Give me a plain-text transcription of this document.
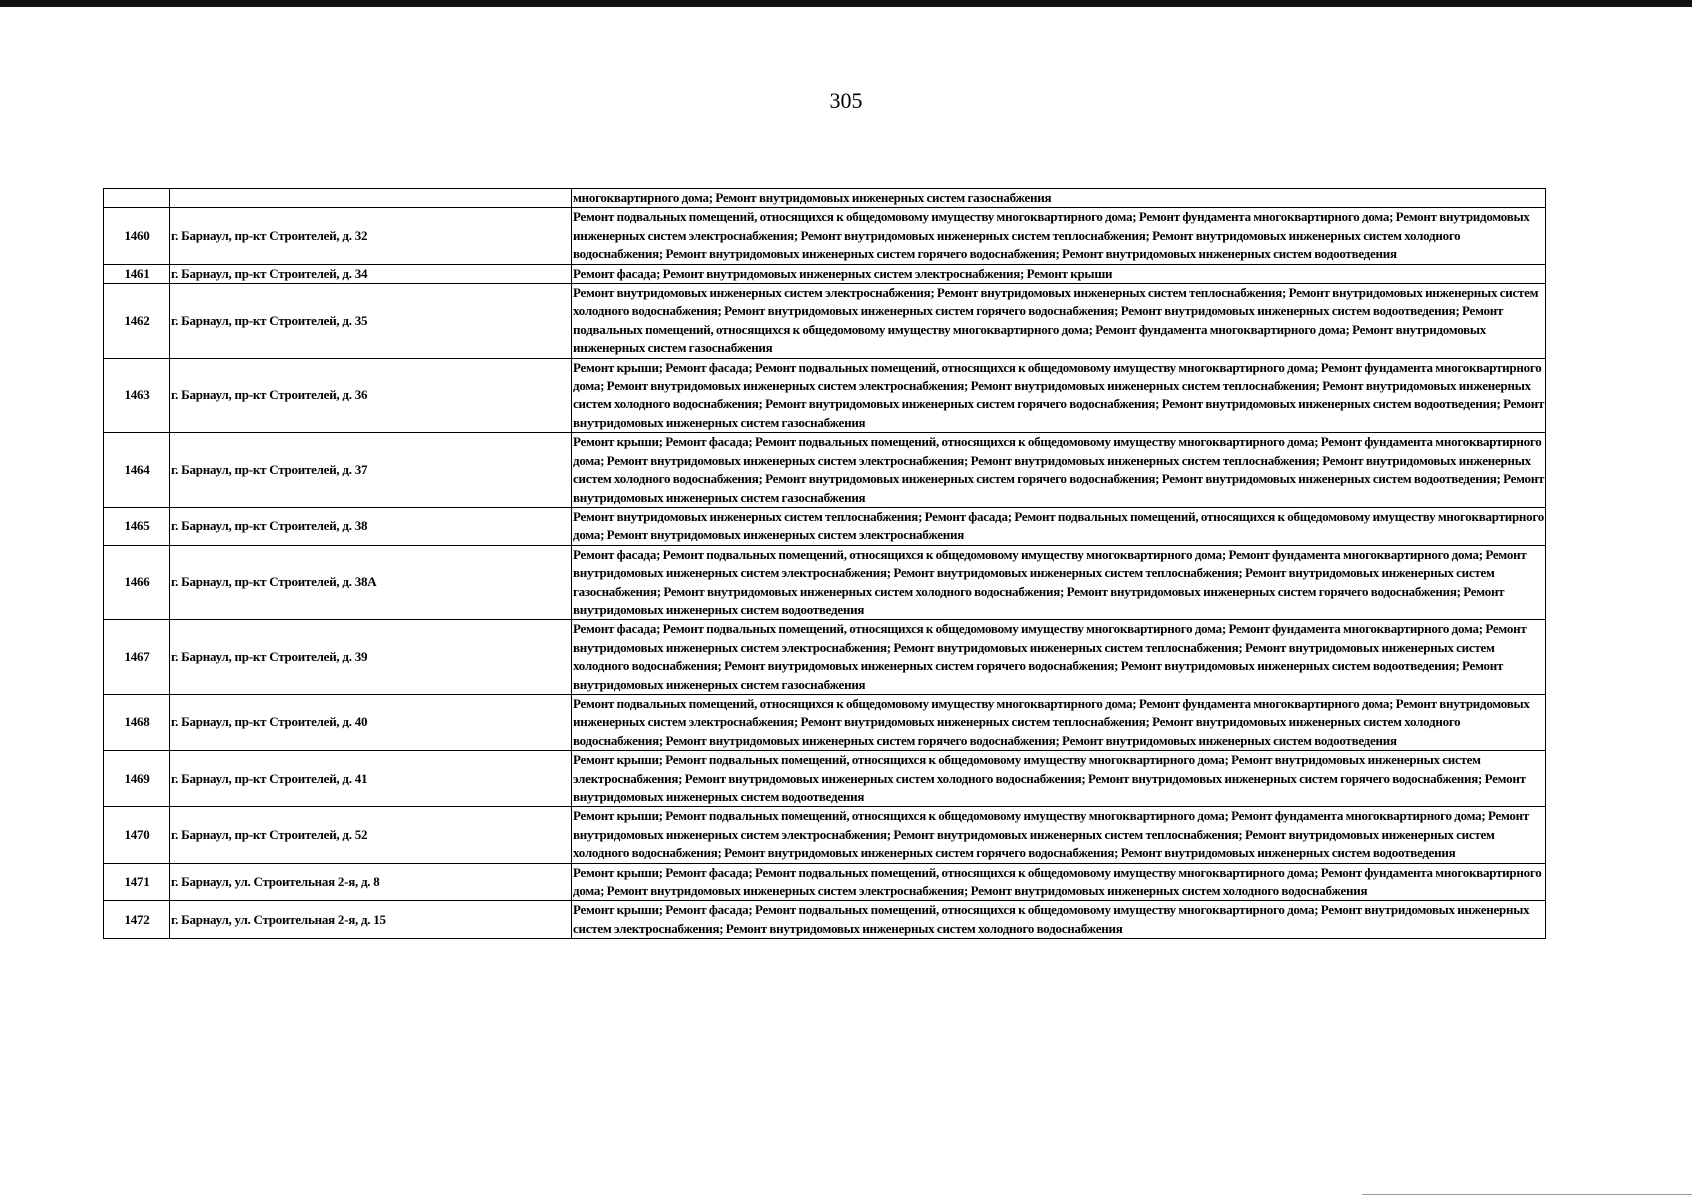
305
		многоквартирного дома; Ремонт внутридомовых инженерных систем газоснабжения
1460	г. Барнаул, пр-кт Строителей, д. 32	Ремонт подвальных помещений, относящихся к общедомовому имуществу многоквартирного дома; Ремонт фундамента многоквартирного дома; Ремонт внутридомовых инженерных систем электроснабжения; Ремонт внутридомовых инженерных систем теплоснабжения; Ремонт внутридомовых инженерных систем холодного водоснабжения; Ремонт внутридомовых инженерных систем горячего водоснабжения; Ремонт внутридомовых инженерных систем водоотведения
1461	г. Барнаул, пр-кт Строителей, д. 34	Ремонт фасада; Ремонт внутридомовых инженерных систем электроснабжения; Ремонт крыши
1462	г. Барнаул, пр-кт Строителей, д. 35	Ремонт внутридомовых инженерных систем электроснабжения; Ремонт внутридомовых инженерных систем теплоснабжения; Ремонт внутридомовых инженерных систем холодного водоснабжения; Ремонт внутридомовых инженерных систем горячего водоснабжения; Ремонт внутридомовых инженерных систем водоотведения; Ремонт подвальных помещений, относящихся к общедомовому имуществу многоквартирного дома; Ремонт фундамента многоквартирного дома; Ремонт внутридомовых инженерных систем газоснабжения
1463	г. Барнаул, пр-кт Строителей, д. 36	Ремонт крыши; Ремонт фасада; Ремонт подвальных помещений, относящихся к общедомовому имуществу многоквартирного дома; Ремонт фундамента многоквартирного дома; Ремонт внутридомовых инженерных систем электроснабжения; Ремонт внутридомовых инженерных систем теплоснабжения; Ремонт внутридомовых инженерных систем холодного водоснабжения; Ремонт внутридомовых инженерных систем горячего водоснабжения; Ремонт внутридомовых инженерных систем водоотведения; Ремонт внутридомовых инженерных систем газоснабжения
1464	г. Барнаул, пр-кт Строителей, д. 37	Ремонт крыши; Ремонт фасада; Ремонт подвальных помещений, относящихся к общедомовому имуществу многоквартирного дома; Ремонт фундамента многоквартирного дома; Ремонт внутридомовых инженерных систем электроснабжения; Ремонт внутридомовых инженерных систем теплоснабжения; Ремонт внутридомовых инженерных систем холодного водоснабжения; Ремонт внутридомовых инженерных систем горячего водоснабжения; Ремонт внутридомовых инженерных систем водоотведения; Ремонт внутридомовых инженерных систем газоснабжения
1465	г. Барнаул, пр-кт Строителей, д. 38	Ремонт внутридомовых инженерных систем теплоснабжения; Ремонт фасада; Ремонт подвальных помещений, относящихся к общедомовому имуществу многоквартирного дома; Ремонт внутридомовых инженерных систем электроснабжения
1466	г. Барнаул, пр-кт Строителей, д. 38А	Ремонт фасада; Ремонт подвальных помещений, относящихся к общедомовому имуществу многоквартирного дома; Ремонт фундамента многоквартирного дома; Ремонт внутридомовых инженерных систем электроснабжения; Ремонт внутридомовых инженерных систем теплоснабжения; Ремонт внутридомовых инженерных систем газоснабжения; Ремонт внутридомовых инженерных систем холодного водоснабжения; Ремонт внутридомовых инженерных систем горячего водоснабжения; Ремонт внутридомовых инженерных систем водоотведения
1467	г. Барнаул, пр-кт Строителей, д. 39	Ремонт фасада; Ремонт подвальных помещений, относящихся к общедомовому имуществу многоквартирного дома; Ремонт фундамента многоквартирного дома; Ремонт внутридомовых инженерных систем электроснабжения; Ремонт внутридомовых инженерных систем теплоснабжения; Ремонт внутридомовых инженерных систем холодного водоснабжения; Ремонт внутридомовых инженерных систем горячего водоснабжения; Ремонт внутридомовых инженерных систем водоотведения; Ремонт внутридомовых инженерных систем газоснабжения
1468	г. Барнаул, пр-кт Строителей, д. 40	Ремонт подвальных помещений, относящихся к общедомовому имуществу многоквартирного дома; Ремонт фундамента многоквартирного дома; Ремонт внутридомовых инженерных систем электроснабжения; Ремонт внутридомовых инженерных систем теплоснабжения; Ремонт внутридомовых инженерных систем холодного водоснабжения; Ремонт внутридомовых инженерных систем горячего водоснабжения; Ремонт внутридомовых инженерных систем водоотведения
1469	г. Барнаул, пр-кт Строителей, д. 41	Ремонт крыши; Ремонт подвальных помещений, относящихся к общедомовому имуществу многоквартирного дома; Ремонт внутридомовых инженерных систем электроснабжения; Ремонт внутридомовых инженерных систем холодного водоснабжения; Ремонт внутридомовых инженерных систем горячего водоснабжения; Ремонт внутридомовых инженерных систем водоотведения
1470	г. Барнаул, пр-кт Строителей, д. 52	Ремонт крыши; Ремонт подвальных помещений, относящихся к общедомовому имуществу многоквартирного дома; Ремонт фундамента многоквартирного дома; Ремонт внутридомовых инженерных систем электроснабжения; Ремонт внутридомовых инженерных систем теплоснабжения; Ремонт внутридомовых инженерных систем холодного водоснабжения; Ремонт внутридомовых инженерных систем горячего водоснабжения; Ремонт внутридомовых инженерных систем водоотведения
1471	г. Барнаул, ул. Строительная 2-я, д. 8	Ремонт крыши; Ремонт фасада; Ремонт подвальных помещений, относящихся к общедомовому имуществу многоквартирного дома; Ремонт фундамента многоквартирного дома; Ремонт внутридомовых инженерных систем электроснабжения; Ремонт внутридомовых инженерных систем холодного водоснабжения
1472	г. Барнаул, ул. Строительная 2-я, д. 15	Ремонт крыши; Ремонт фасада; Ремонт подвальных помещений, относящихся к общедомовому имуществу многоквартирного дома; Ремонт внутридомовых инженерных систем электроснабжения; Ремонт внутридомовых инженерных систем холодного водоснабжения
